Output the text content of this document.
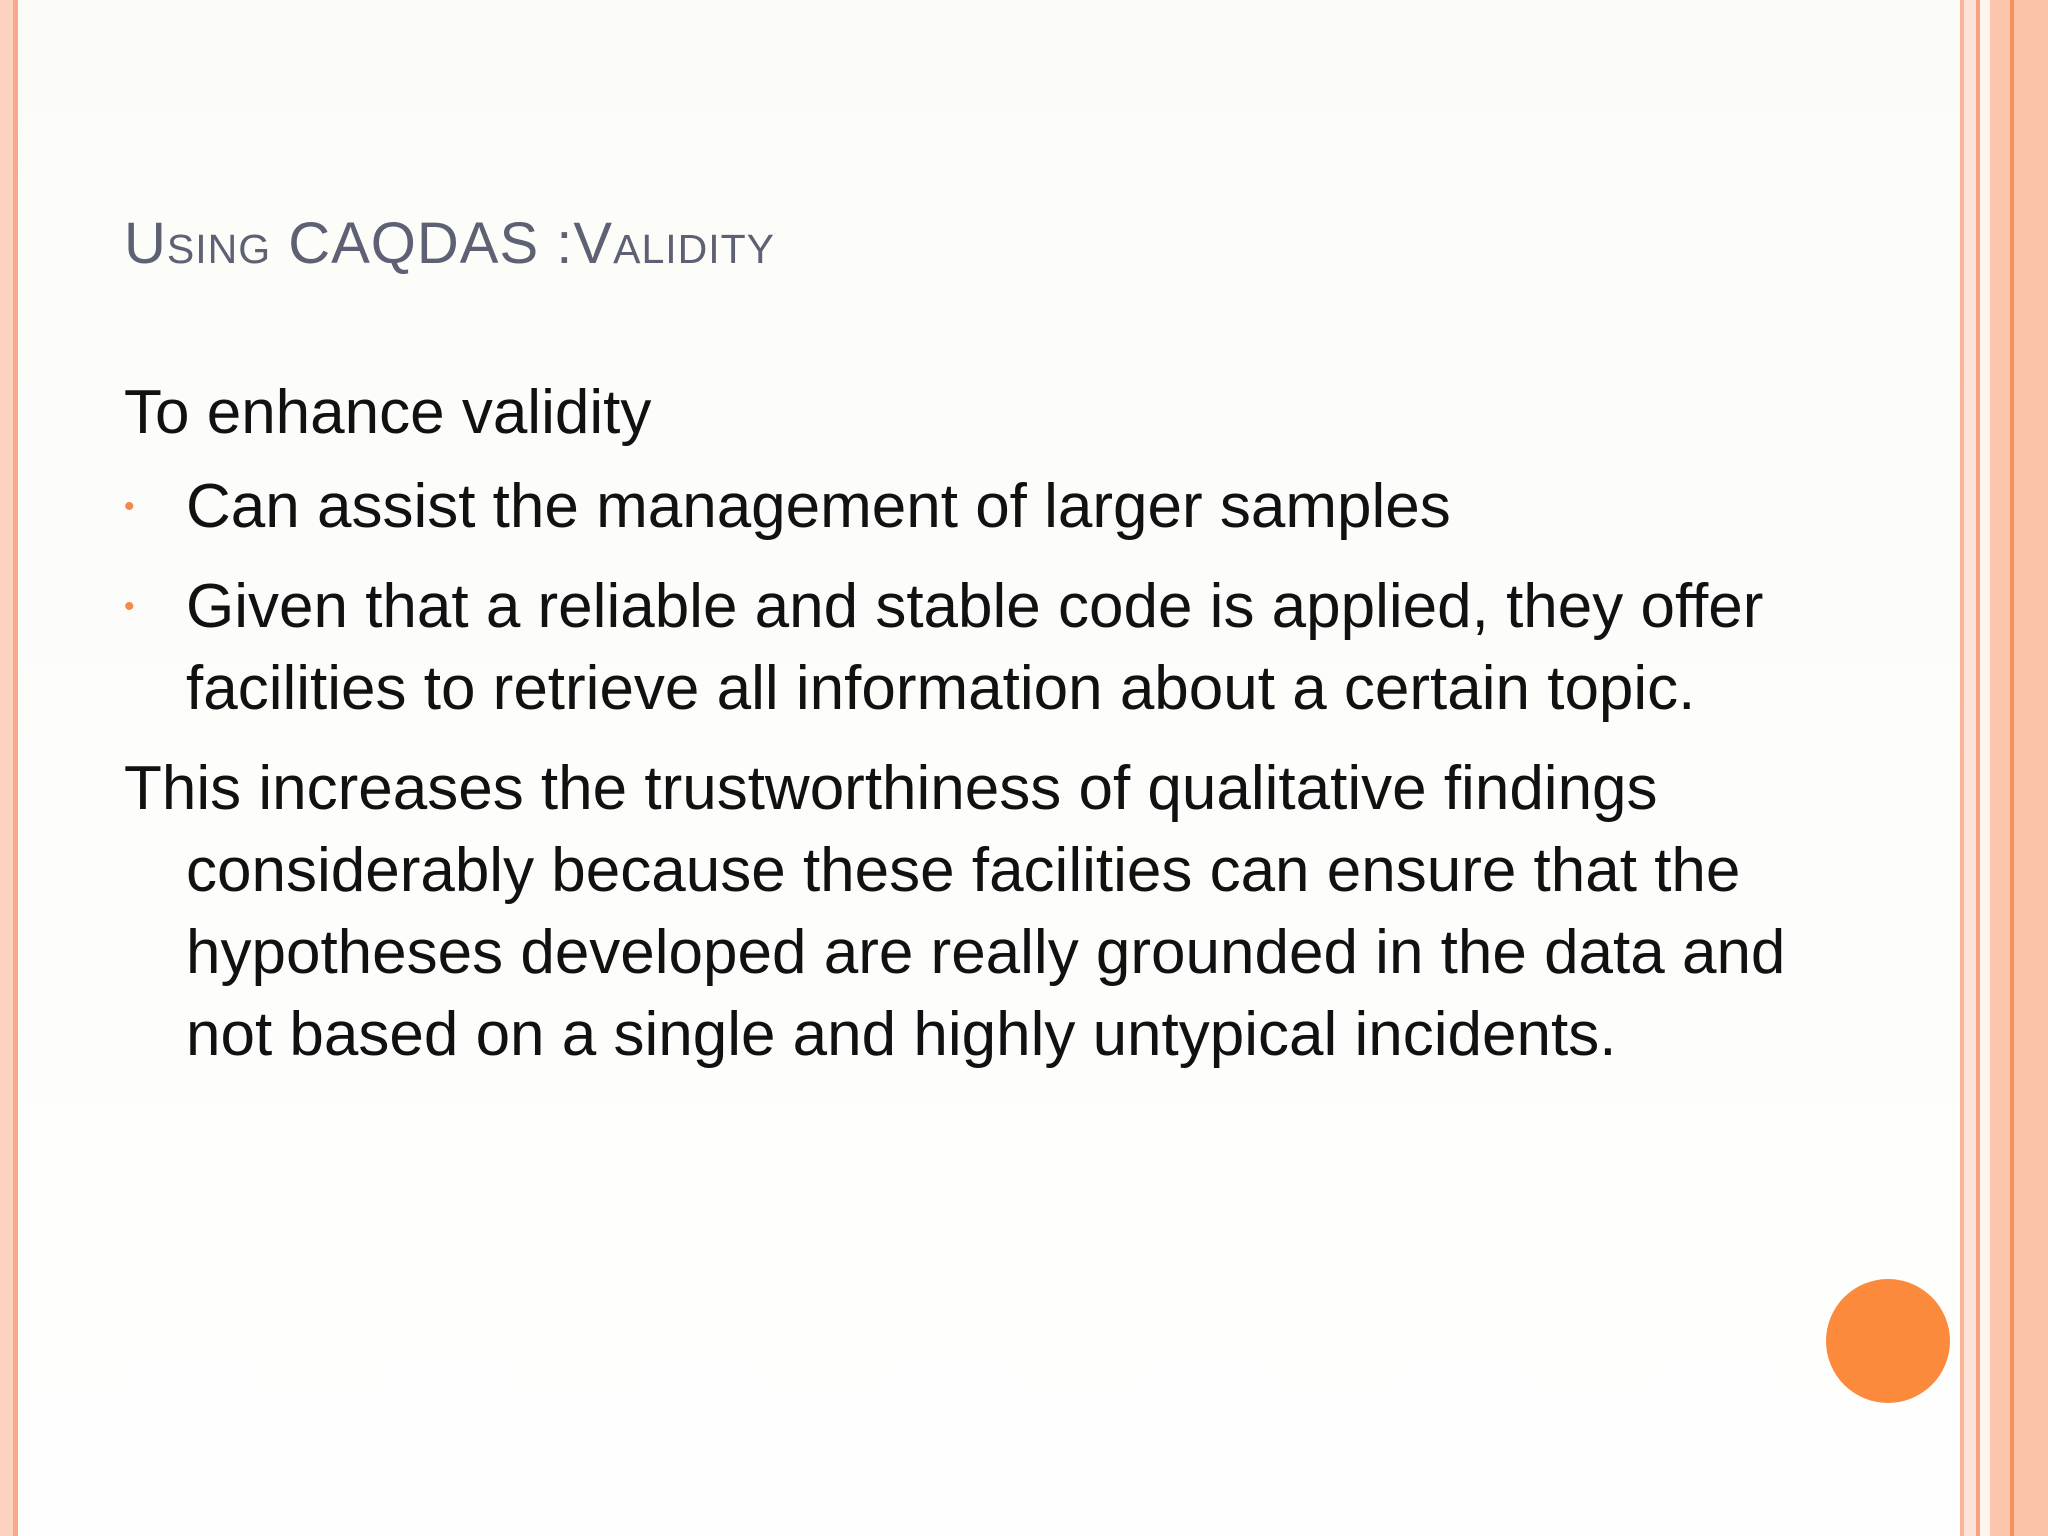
Using CAQDAS :Validity

To enhance validity

• Can assist the management of larger samples
• Given that a reliable and stable code is applied, they offer facilities to retrieve all information about a certain topic.

This increases the trustworthiness of qualitative findings considerably because these facilities can ensure that the hypotheses developed are really grounded in the data and not based on a single and highly untypical incidents.
